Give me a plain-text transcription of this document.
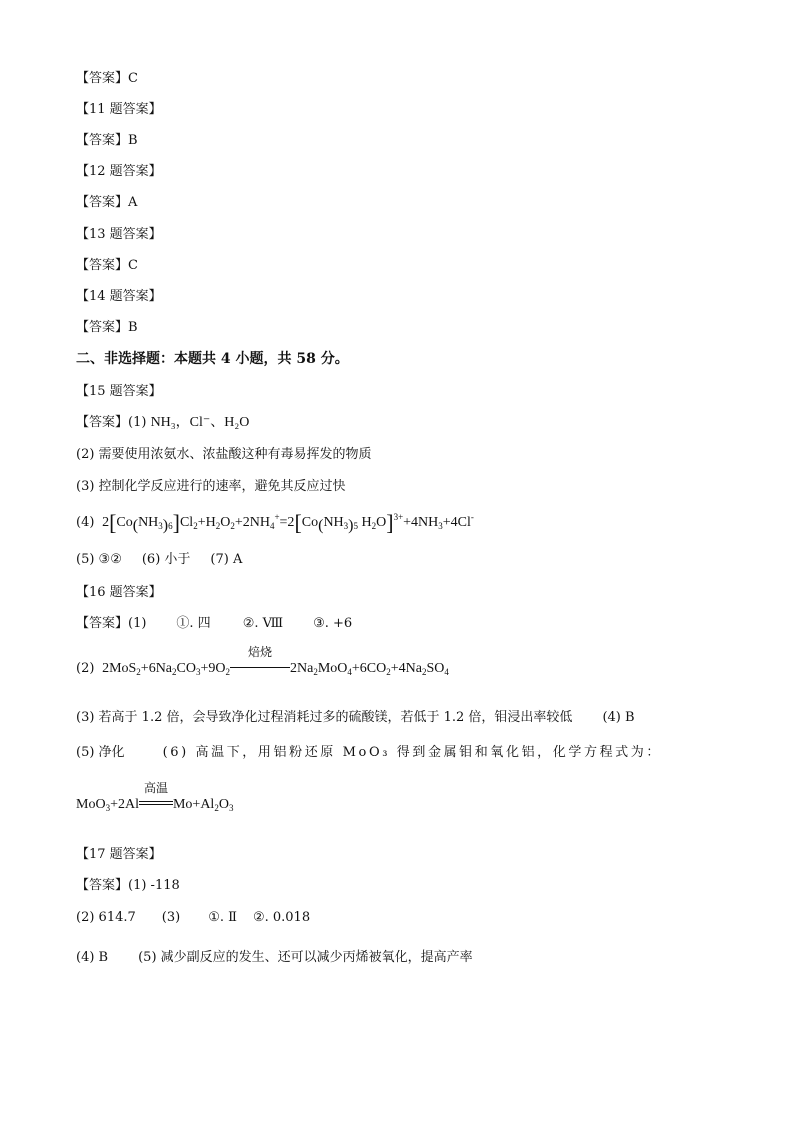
【答案】C
【11 题答案】
【答案】B
【12 题答案】
【答案】A
【13 题答案】
【答案】C
【14 题答案】
【答案】B
二、非选择题：本题共 4 小题，共 58 分。
【15 题答案】
【答案】(1) NH₃，Cl⁻、H₂O
(2) 需要使用浓氨水、浓盐酸这种有毒易挥发的物质
(3) 控制化学反应进行的速率，避免其反应过快
(4)  $2[Co(NH_3)_6]Cl_2+H_2O_2+2NH_4^+=2[Co(NH_3)_5$ $H_2O]^{3+}+4NH_3+4Cl^-$
(5) ③② (6) 小于 (7) A
【16 题答案】
【答案】(1) ①. 四 ②. Ⅷ ③. +6
(2)  $2MoS_2+6Na_2CO_3+9O_2$
焙烧
$2Na_2MoO_4+6CO_2+4Na_2SO_4$
(3) 若高于 1.2 倍，会导致净化过程消耗过多的硫酸镁，若低于 1.2 倍，钼浸出率较低 (4) B
(5) 净化	(6) 高温下，用铝粉还原 MoO₃ 得到金属钼和氧化铝，化学方程式为：
MoO$_3$+2Al
高温
$Mo+Al_2O_3$
【17 题答案】
【答案】(1) -118
(2) 614.7 (3) ①. Ⅱ ②. 0.018
(4) B (5) 减少副反应的发生、还可以减少丙烯被氧化，提高产率
